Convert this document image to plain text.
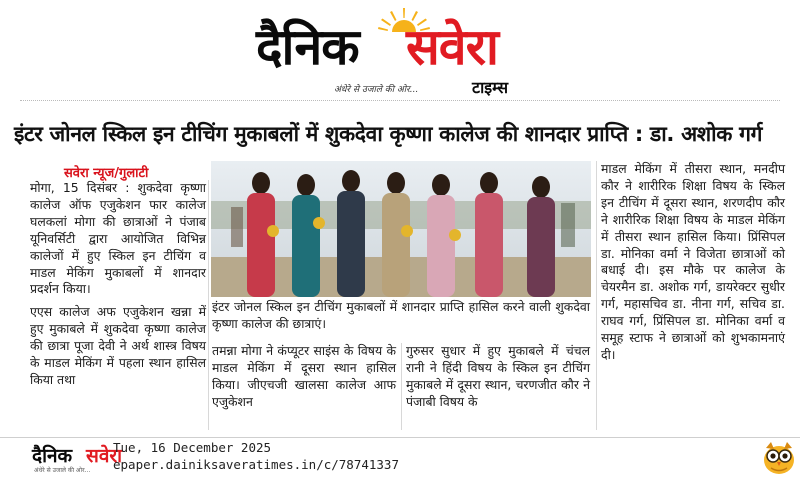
दैनिक सवेरा
अंधेरे से उजाले की ओर...	टाइम्स
इंटर जोनल स्किल इन टीचिंग मुकाबलों में शुकदेवा कृष्णा कालेज की शानदार प्राप्ति : डा. अशोक गर्ग
सवेरा न्यूज/गुलाटी

मोगा, 15 दिसंबर : शुकदेवा कृष्णा कालेज ऑफ एजुकेशन फार कालेज घलकलां मोगा की छात्राओं ने पंजाब यूनिवर्सिटी द्वारा आयोजित विभिन्न कालेजों में हुए स्किल इन टीचिंग व माडल मेकिंग मुकाबलों में शानदार प्रदर्शन किया।

एएस कालेज अफ एजुकेशन खन्ना में हुए मुकाबले में शुकदेवा कृष्णा कालेज की छात्रा पूजा देवी ने अर्थ शास्त्र विषय के माडल मेकिंग में पहला स्थान हासिल किया तथा

इंटर जोनल स्किल इन टीचिंग मुकाबलों में शानदार प्राप्ति हासिल करने वाली शुकदेवा कृष्णा कालेज की छात्राएं।
तमन्ना मोगा ने कंप्यूटर साइंस के विषय के माडल मेकिंग में दूसरा स्थान हासिल किया। जीएचजी खालसा कालेज आफ एजुकेशन
गुरुसर सुधार में हुए मुकाबले में चंचल रानी ने हिंदी विषय के स्किल इन टीचिंग मुकाबले में दूसरा स्थान, चरणजीत कौर ने पंजाबी विषय के
माडल मेकिंग में तीसरा स्थान, मनदीप कौर ने शारीरिक शिक्षा विषय के स्किल इन टीचिंग में दूसरा स्थान, शरणदीप कौर ने शारीरिक शिक्षा विषय के माडल मेकिंग में तीसरा स्थान हासिल किया। प्रिंसिपल डा. मोनिका वर्मा ने विजेता छात्राओं को बधाई दी। इस मौके पर कालेज के चेयरमैन डा. अशोक गर्ग, डायरेक्टर सुधीर गर्ग, महासचिव डा. नीना गर्ग, सचिव डा. राघव गर्ग, प्रिंसिपल डा. मोनिका वर्मा व समूह स्टाफ ने छात्राओं को शुभकामनाएं दी।
दैनिक सवेरा
अंधेरे से उजाले की ओर...
Tue, 16 December 2025
epaper.dainiksaveratimes.in/c/78741337
